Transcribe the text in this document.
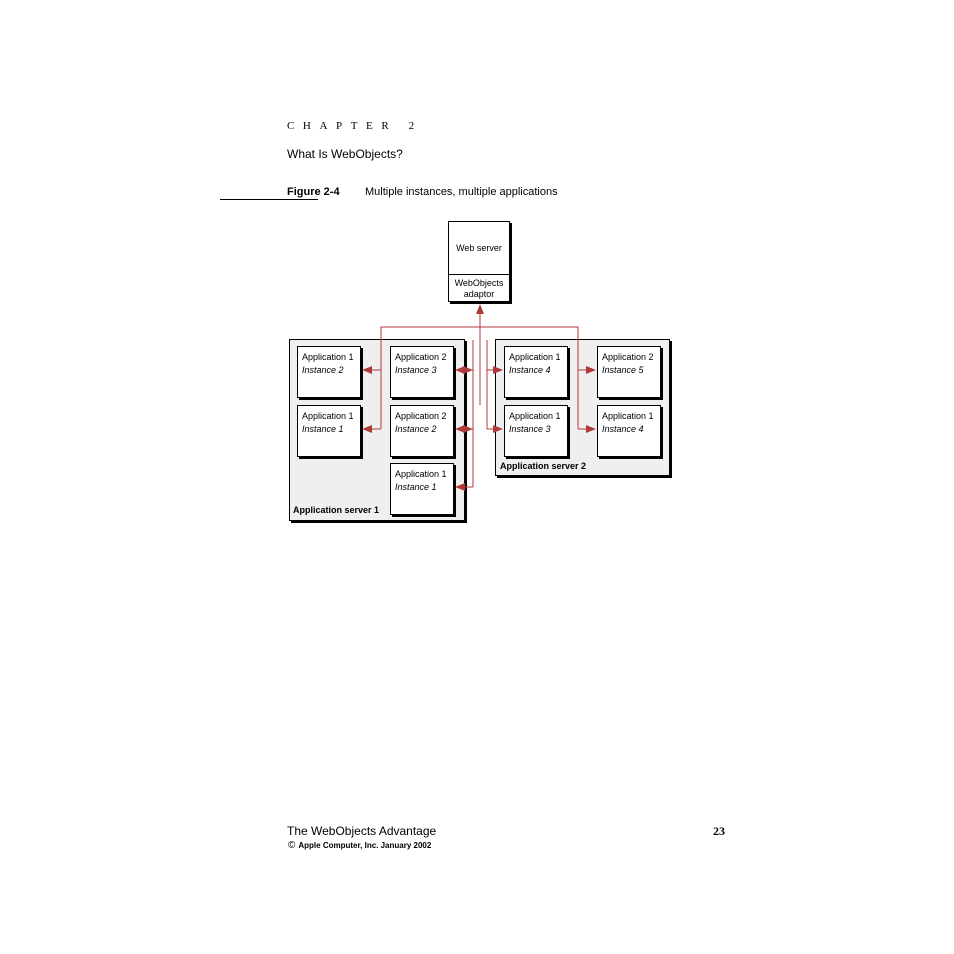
CHAPTER 2
What Is WebObjects?
Figure 2-4 Multiple instances, multiple applications
Application server 1
Application server 2
Application 1
Instance 2
Application 2
Instance 3
Application 1
Instance 1
Application 2
Instance 2
Application 1
Instance 1
Application 1
Instance 4
Application 2
Instance 5
Application 1
Instance 3
Application 1
Instance 4
Web server
WebObjects
adaptor
The WebObjects Advantage	23
© Apple Computer, Inc. January 2002
